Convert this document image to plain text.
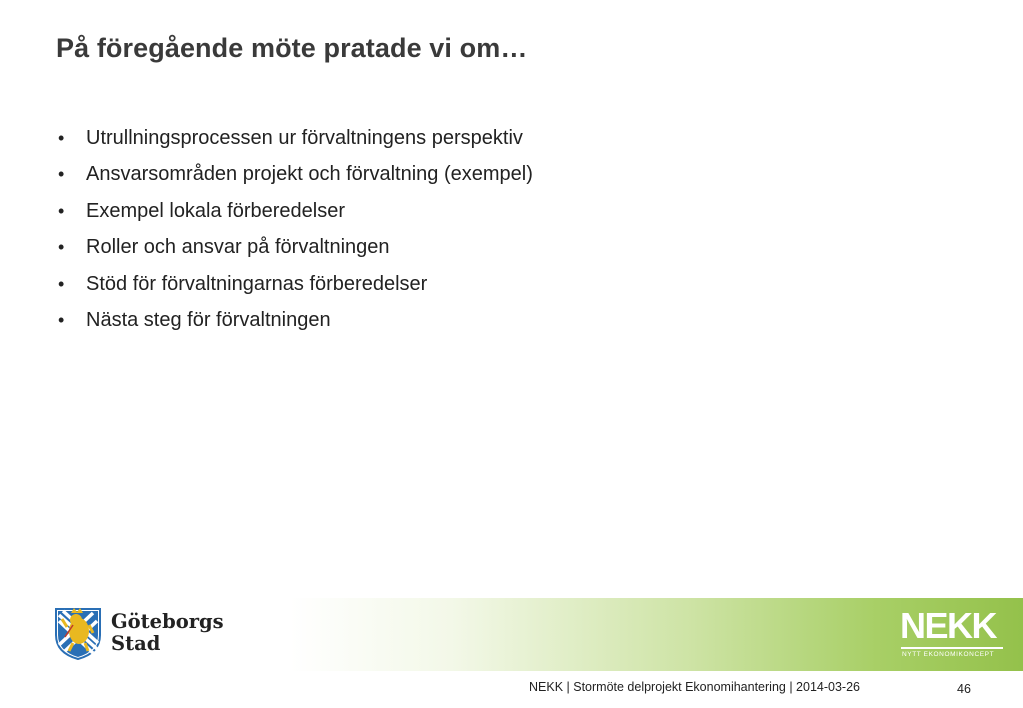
På föregående möte pratade vi om…
• Utrullningsprocessen ur förvaltningens perspektiv
• Ansvarsområden projekt och förvaltning (exempel)
• Exempel lokala förberedelser
• Roller och ansvar på förvaltningen
• Stöd för förvaltningarnas förberedelser
• Nästa steg för förvaltningen
Göteborgs
Stad	NEKK
NYTT EKONOMIKONCEPT
NEKK | Stormöte delprojekt Ekonomihantering | 2014-03-26	46
